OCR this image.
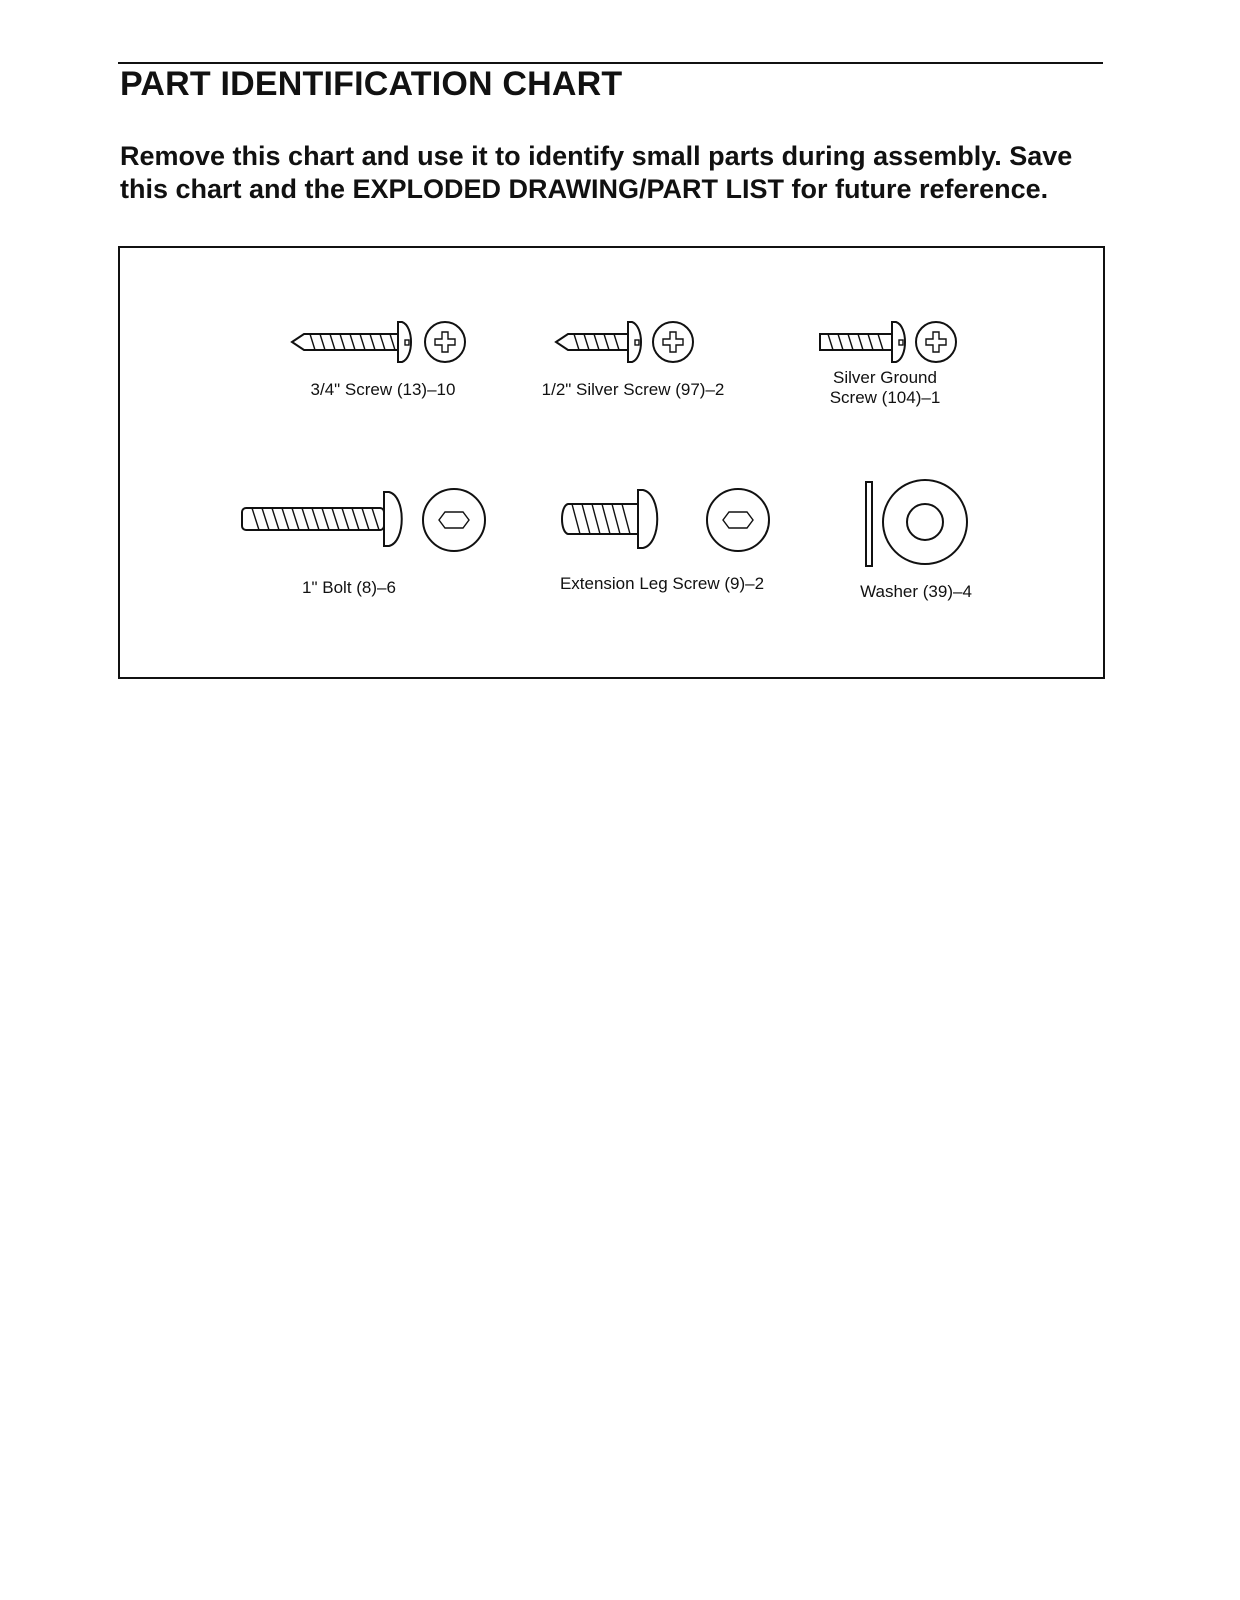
PART IDENTIFICATION CHART

Remove this chart and use it to identify small parts during assembly. Save this chart and the EXPLODED DRAWING/PART LIST for future reference.

3/4" Screw (13)–10	1/2" Silver Screw (97)–2
Silver Ground
Screw (104)–1
1" Bolt (8)–6	Extension Leg Screw (9)–2	Washer (39)–4
